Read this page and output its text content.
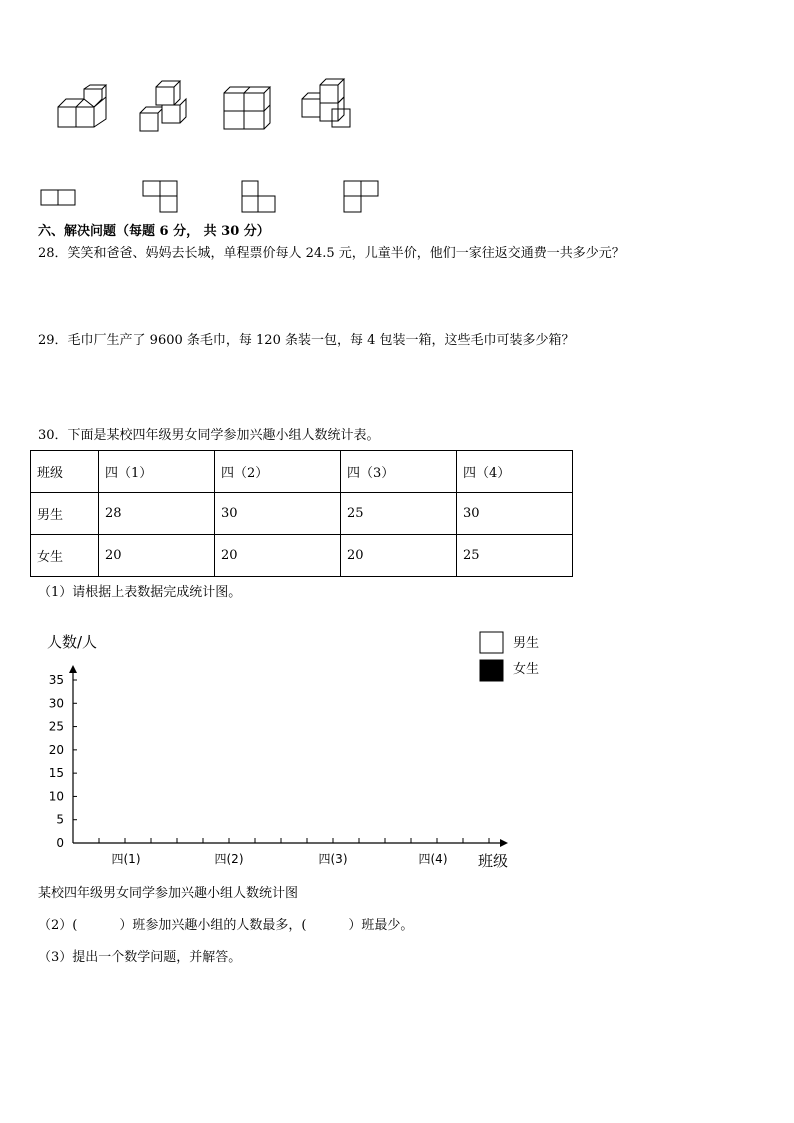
六、解决问题（每题 6 分， 共 30 分）
28．笑笑和爸爸、妈妈去长城，单程票价每人 24.5 元，儿童半价，他们一家往返交通费一共多少元？
29．毛巾厂生产了 9600 条毛巾，每 120 条装一包，每 4 包装一箱，这些毛巾可装多少箱？
30．下面是某校四年级男女同学参加兴趣小组人数统计表。
班级	四（1）	四（2）	四（3）	四（4）
男生	28	30	25	30
女生	20	20	20	25
（1）请根据上表数据完成统计图。
人数/人
班级
男生
女生
0
5
10
15
20
25
30
35
四(1)	四(2)	四(3)	四(4)
某校四年级男女同学参加兴趣小组人数统计图
（2）(	）班参加兴趣小组的人数最多，(	）班最少。
（3）提出一个数学问题，并解答。
